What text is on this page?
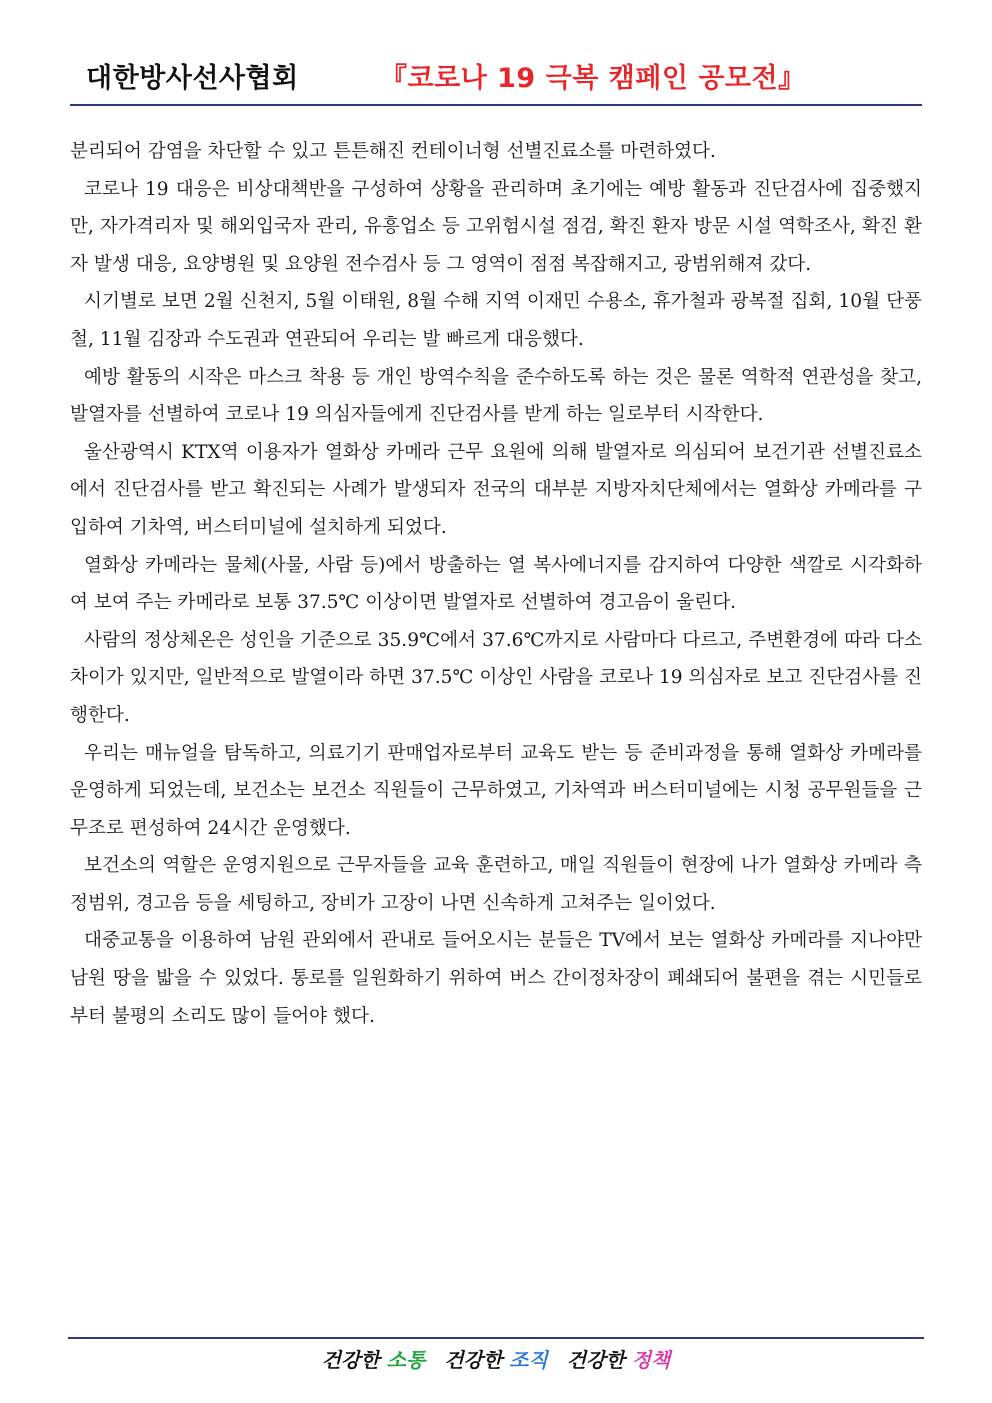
대한방사선사협회	『코로나 19 극복 캠페인 공모전』

분리되어 감염을 차단할 수 있고 튼튼해진 컨테이너형 선별진료소를 마련하였다.

코로나 19 대응은 비상대책반을 구성하여 상황을 관리하며 초기에는 예방 활동과 진단검사에 집중했지만, 자가격리자 및 해외입국자 관리, 유흥업소 등 고위험시설 점검, 확진 환자 방문 시설 역학조사, 확진 환자 발생 대응, 요양병원 및 요양원 전수검사 등 그 영역이 점점 복잡해지고, 광범위해져 갔다.

시기별로 보면 2월 신천지, 5월 이태원, 8월 수해 지역 이재민 수용소, 휴가철과 광복절 집회, 10월 단풍철, 11월 김장과 수도권과 연관되어 우리는 발 빠르게 대응했다.

예방 활동의 시작은 마스크 착용 등 개인 방역수칙을 준수하도록 하는 것은 물론 역학적 연관성을 찾고, 발열자를 선별하여 코로나 19 의심자들에게 진단검사를 받게 하는 일로부터 시작한다.

울산광역시 KTX역 이용자가 열화상 카메라 근무 요원에 의해 발열자로 의심되어 보건기관 선별진료소에서 진단검사를 받고 확진되는 사례가 발생되자 전국의 대부분 지방자치단체에서는 열화상 카메라를 구입하여 기차역, 버스터미널에 설치하게 되었다.

열화상 카메라는 물체(사물, 사람 등)에서 방출하는 열 복사에너지를 감지하여 다양한 색깔로 시각화하여 보여 주는 카메라로 보통 37.5℃ 이상이면 발열자로 선별하여 경고음이 울린다.

사람의 정상체온은 성인을 기준으로 35.9℃에서 37.6℃까지로 사람마다 다르고, 주변환경에 따라 다소 차이가 있지만, 일반적으로 발열이라 하면 37.5℃ 이상인 사람을 코로나 19 의심자로 보고 진단검사를 진행한다.

우리는 매뉴얼을 탐독하고, 의료기기 판매업자로부터 교육도 받는 등 준비과정을 통해 열화상 카메라를 운영하게 되었는데, 보건소는 보건소 직원들이 근무하였고, 기차역과 버스터미널에는 시청 공무원들을 근무조로 편성하여 24시간 운영했다.

보건소의 역할은 운영지원으로 근무자들을 교육 훈련하고, 매일 직원들이 현장에 나가 열화상 카메라 측정범위, 경고음 등을 세팅하고, 장비가 고장이 나면 신속하게 고쳐주는 일이었다.

대중교통을 이용하여 남원 관외에서 관내로 들어오시는 분들은 TV에서 보는 열화상 카메라를 지나야만 남원 땅을 밟을 수 있었다. 통로를 일원화하기 위하여 버스 간이정차장이 폐쇄되어 불편을 겪는 시민들로부터 불평의 소리도 많이 들어야 했다.

건강한 소통 건강한 조직 건강한 정책
